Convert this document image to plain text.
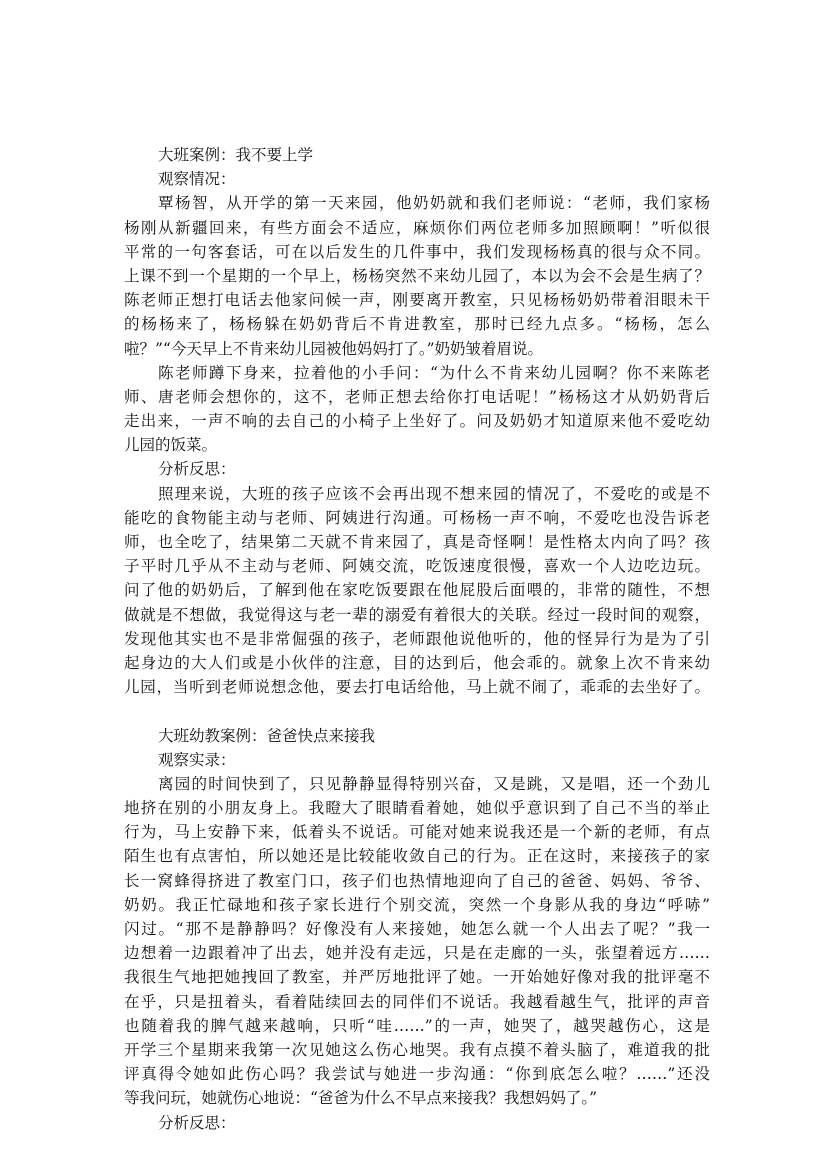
大班案例：我不要上学
观察情况：
覃杨智，从开学的第一天来园，他奶奶就和我们老师说：“老师，我们家杨
杨刚从新疆回来，有些方面会不适应，麻烦你们两位老师多加照顾啊！”听似很
平常的一句客套话，可在以后发生的几件事中，我们发现杨杨真的很与众不同。
上课不到一个星期的一个早上，杨杨突然不来幼儿园了，本以为会不会是生病了？
陈老师正想打电话去他家问候一声，刚要离开教室，只见杨杨奶奶带着泪眼未干
的杨杨来了，杨杨躲在奶奶背后不肯进教室，那时已经九点多。“杨杨，怎么
啦？”“今天早上不肯来幼儿园被他妈妈打了。”奶奶皱着眉说。
陈老师蹲下身来，拉着他的小手问：“为什么不肯来幼儿园啊？你不来陈老
师、唐老师会想你的，这不，老师正想去给你打电话呢！”杨杨这才从奶奶背后
走出来，一声不响的去自己的小椅子上坐好了。问及奶奶才知道原来他不爱吃幼
儿园的饭菜。
分析反思：
照理来说，大班的孩子应该不会再出现不想来园的情况了，不爱吃的或是不
能吃的食物能主动与老师、阿姨进行沟通。可杨杨一声不响，不爱吃也没告诉老
师，也全吃了，结果第二天就不肯来园了，真是奇怪啊！是性格太内向了吗？孩
子平时几乎从不主动与老师、阿姨交流，吃饭速度很慢，喜欢一个人边吃边玩。
问了他的奶奶后，了解到他在家吃饭要跟在他屁股后面喂的，非常的随性，不想
做就是不想做，我觉得这与老一辈的溺爱有着很大的关联。经过一段时间的观察，
发现他其实也不是非常倔强的孩子，老师跟他说他听的，他的怪异行为是为了引
起身边的大人们或是小伙伴的注意，目的达到后，他会乖的。就象上次不肯来幼
儿园，当听到老师说想念他，要去打电话给他，马上就不闹了，乖乖的去坐好了。
大班幼教案例：爸爸快点来接我
观察实录：
离园的时间快到了，只见静静显得特别兴奋，又是跳，又是唱，还一个劲儿
地挤在别的小朋友身上。我瞪大了眼睛看着她，她似乎意识到了自己不当的举止
行为，马上安静下来，低着头不说话。可能对她来说我还是一个新的老师，有点
陌生也有点害怕，所以她还是比较能收敛自己的行为。正在这时，来接孩子的家
长一窝蜂得挤进了教室门口，孩子们也热情地迎向了自己的爸爸、妈妈、爷爷、
奶奶。我正忙碌地和孩子家长进行个别交流，突然一个身影从我的身边“呼哧”
闪过。“那不是静静吗？好像没有人来接她，她怎么就一个人出去了呢？”我一
边想着一边跟着冲了出去，她并没有走远，只是在走廊的一头，张望着远方……
我很生气地把她拽回了教室，并严厉地批评了她。一开始她好像对我的批评毫不
在乎，只是扭着头，看着陆续回去的同伴们不说话。我越看越生气，批评的声音
也随着我的脾气越来越响，只听“哇……”的一声，她哭了，越哭越伤心，这是
开学三个星期来我第一次见她这么伤心地哭。我有点摸不着头脑了，难道我的批
评真得令她如此伤心吗？我尝试与她进一步沟通：“你到底怎么啦？……”还没
等我问玩，她就伤心地说：“爸爸为什么不早点来接我？我想妈妈了。”
分析反思：
